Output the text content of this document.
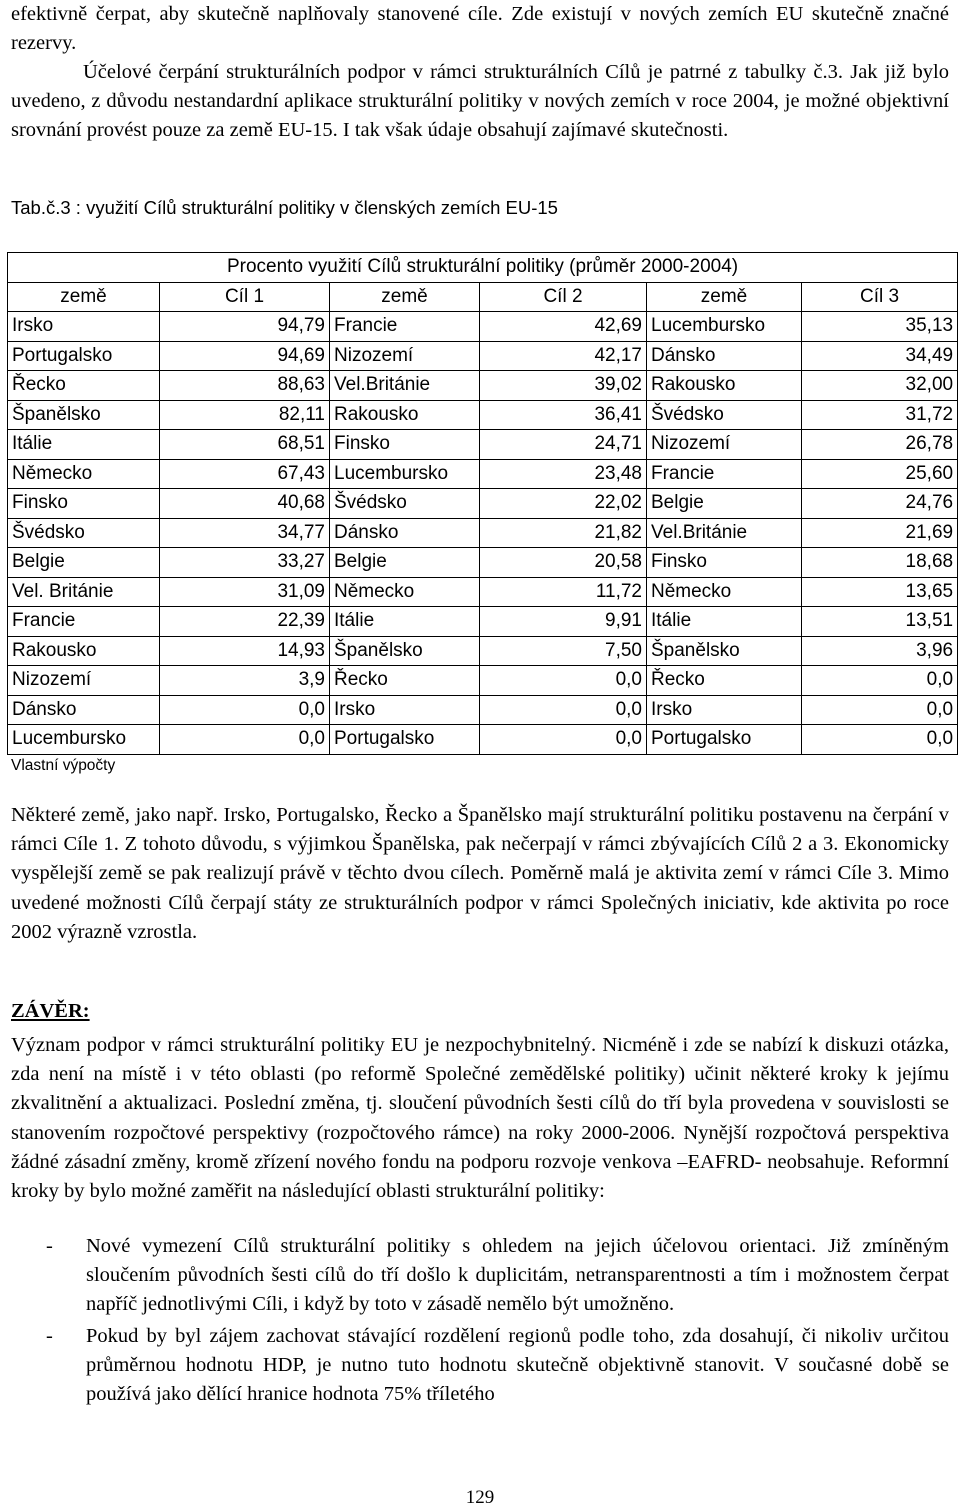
efektivně čerpat, aby skutečně naplňovaly stanovené cíle. Zde existují v nových zemích EU skutečně značné rezervy.

Účelové čerpání strukturálních podpor v rámci strukturálních Cílů je patrné z tabulky č.3. Jak již bylo uvedeno, z důvodu nestandardní aplikace strukturální politiky v nových zemích v roce 2004, je možné objektivní srovnání provést pouze za země EU-15. I tak však údaje obsahují zajímavé skutečnosti.

Tab.č.3 : využití Cílů strukturální politiky v členských zemích EU-15

Procento využití Cílů strukturální politiky (průměr 2000-2004)					
země	Cíl 1	země	Cíl 2	země	Cíl 3
Irsko	94,79	Francie	42,69	Lucembursko	35,13
Portugalsko	94,69	Nizozemí	42,17	Dánsko	34,49
Řecko	88,63	Vel.Británie	39,02	Rakousko	32,00
Španělsko	82,11	Rakousko	36,41	Švédsko	31,72
Itálie	68,51	Finsko	24,71	Nizozemí	26,78
Německo	67,43	Lucembursko	23,48	Francie	25,60
Finsko	40,68	Švédsko	22,02	Belgie	24,76
Švédsko	34,77	Dánsko	21,82	Vel.Británie	21,69
Belgie	33,27	Belgie	20,58	Finsko	18,68
Vel. Británie	31,09	Německo	11,72	Německo	13,65
Francie	22,39	Itálie	9,91	Itálie	13,51
Rakousko	14,93	Španělsko	7,50	Španělsko	3,96
Nizozemí	3,9	Řecko	0,0	Řecko	0,0
Dánsko	0,0	Irsko	0,0	Irsko	0,0
Lucembursko	0,0	Portugalsko	0,0	Portugalsko	0,0

Vlastní výpočty

Některé země, jako např. Irsko, Portugalsko, Řecko a Španělsko mají strukturální politiku postavenu na čerpání v rámci Cíle 1. Z tohoto důvodu, s výjimkou Španělska, pak nečerpají v rámci zbývajících Cílů 2 a 3. Ekonomicky vyspělejší země se pak realizují právě v těchto dvou cílech. Poměrně malá je aktivita zemí v rámci Cíle 3. Mimo uvedené možnosti Cílů čerpají státy ze strukturálních podpor v rámci Společných iniciativ, kde aktivita po roce 2002 výrazně vzrostla.

ZÁVĚR:

Význam podpor v rámci strukturální politiky EU je nezpochybnitelný. Nicméně i zde se nabízí k diskuzi otázka, zda není na místě i v této oblasti (po reformě Společné zemědělské politiky) učinit některé kroky k jejímu zkvalitnění a aktualizaci. Poslední změna, tj. sloučení původních šesti cílů do tří byla provedena v souvislosti se stanovením rozpočtové perspektivy (rozpočtového rámce) na roky 2000-2006. Nynější rozpočtová perspektiva žádné zásadní změny, kromě zřízení nového fondu na podporu rozvoje venkova –EAFRD- neobsahuje. Reformní kroky by bylo možné zaměřit na následující oblasti strukturální politiky:

- Nové vymezení Cílů strukturální politiky s ohledem na jejich účelovou orientaci. Již zmíněným sloučením původních šesti cílů do tří došlo k duplicitám, netransparentnosti a tím i možnostem čerpat napříč jednotlivými Cíli, i když by toto v zásadě nemělo být umožněno.
- Pokud by byl zájem zachovat stávající rozdělení regionů podle toho, zda dosahují, či nikoliv určitou průměrnou hodnotu HDP, je nutno tuto hodnotu skutečně objektivně stanovit. V současné době se používá jako dělící hranice hodnota 75% tříletého

129
